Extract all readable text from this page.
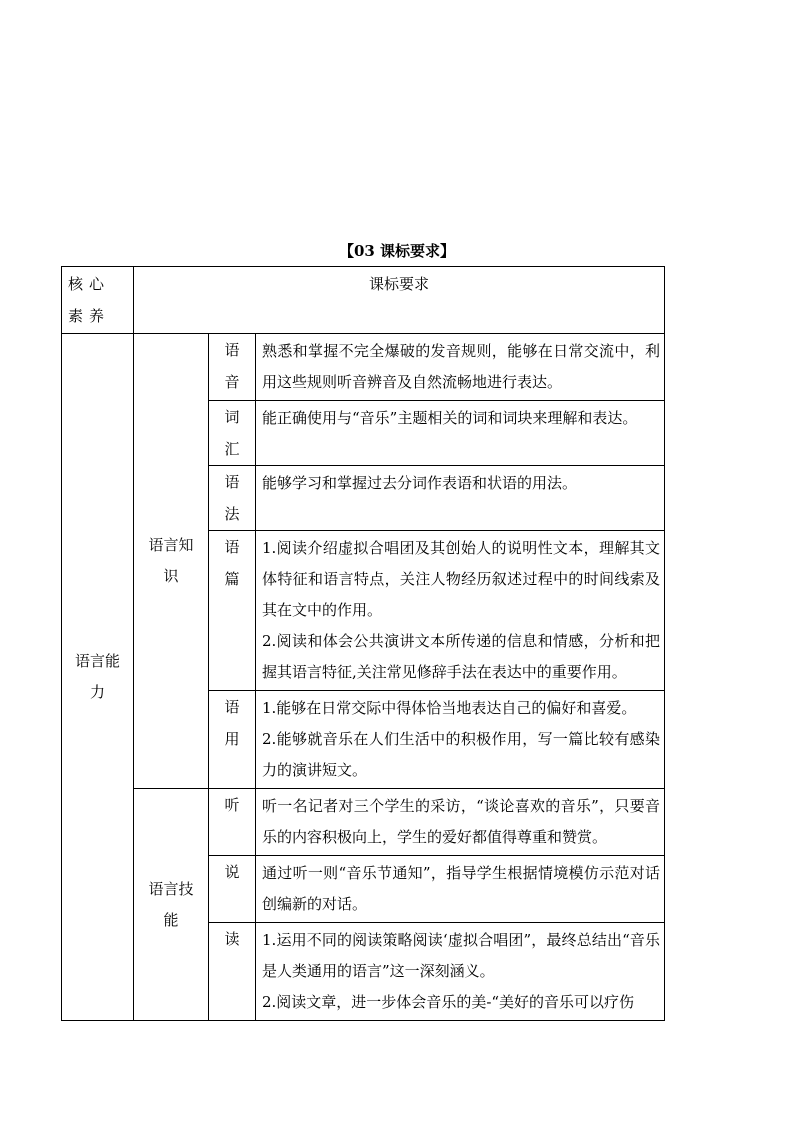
【03 课标要求】
核心素养	课标要求		

语言能力	语言知识	语音	熟悉和掌握不完全爆破的发音规则，能够在日常交流中，利用这些规则听音辨音及自然流畅地进行表达。

		词汇	能正确使用与“音乐”主题相关的词和词块来理解和表达。

		语法	能够学习和掌握过去分词作表语和状语的用法。

		语篇	1.阅读介绍虚拟合唱团及其创始人的说明性文本，理解其文体特征和语言特点，关注人物经历叙述过程中的时间线索及其在文中的作用。

2.阅读和体会公共演讲文本所传递的信息和情感，分析和把握其语言特征,关注常见修辞手法在表达中的重要作用。

		语用	1.能够在日常交际中得体恰当地表达自己的偏好和喜爱。

2.能够就音乐在人们生活中的积极作用，写一篇比较有感染力的演讲短文。

	语言技能	听	听一名记者对三个学生的采访，“谈论喜欢的音乐”，只要音乐的内容积极向上，学生的爱好都值得尊重和赞赏。

		说	通过听一则“音乐节通知”，指导学生根据情境模仿示范对话创编新的对话。

		读	1.运用不同的阅读策略阅读‘虚拟合唱团”，最终总结出“音乐是人类通用的语言”这一深刻涵义。

2.阅读文章，进一步体会音乐的美-“美好的音乐可以疗伤
